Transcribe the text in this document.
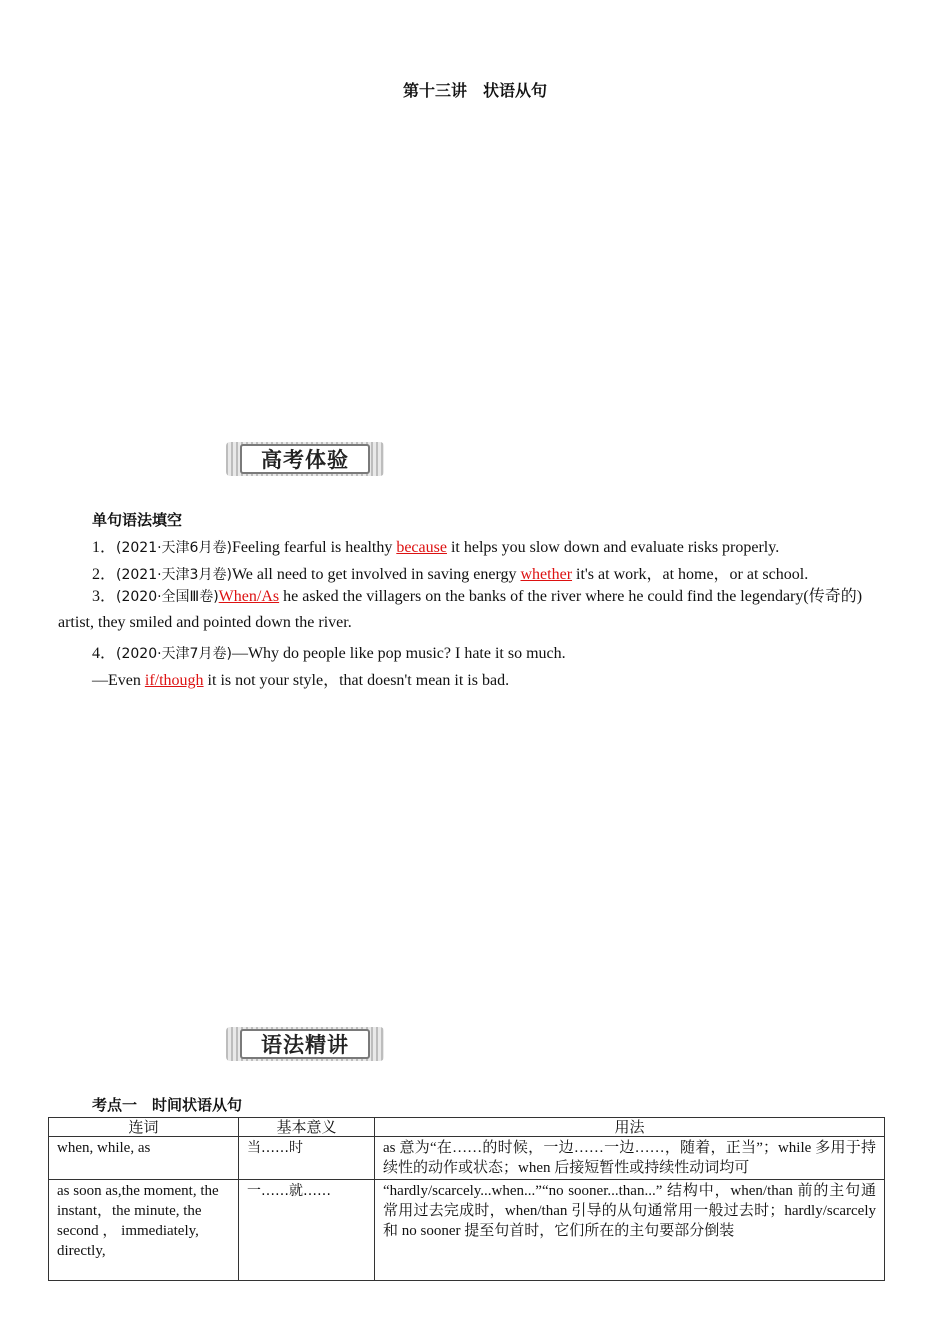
第十三讲 状语从句
高考体验
单句语法填空
1．(2021·天津6月卷)Feeling fearful is healthy because it helps you slow down and evaluate risks properly.
2．(2021·天津3月卷)We all need to get involved in saving energy whether it's at work，at home，or at school.
3．(2020·全国Ⅲ卷)When/As he asked the villagers on the banks of the river where he could find the legendary(传奇的) artist, they smiled and pointed down the river.
4．(2020·天津7月卷)—Why do people like pop music? I hate it so much.
—Even if/though it is not your style，that doesn't mean it is bad.
语法精讲
考点一　时间状语从句
连词	基本意义	用法
when, while, as	当……时	as 意为“在……的时候，一边……一边……，随着，正当”；while 多用于持续性的动作或状态；when 后接短暂性或持续性动词均可
as soon as,the moment, the instant，the minute, the second ， immediately, directly,	一……就……	“hardly/scarcely...when...”“no sooner...than...” 结构中，when/than 前的主句通常用过去完成时，when/than 引导的从句通常用一般过去时；hardly/scarcely 和 no sooner 提至句首时，它们所在的主句要部分倒装
